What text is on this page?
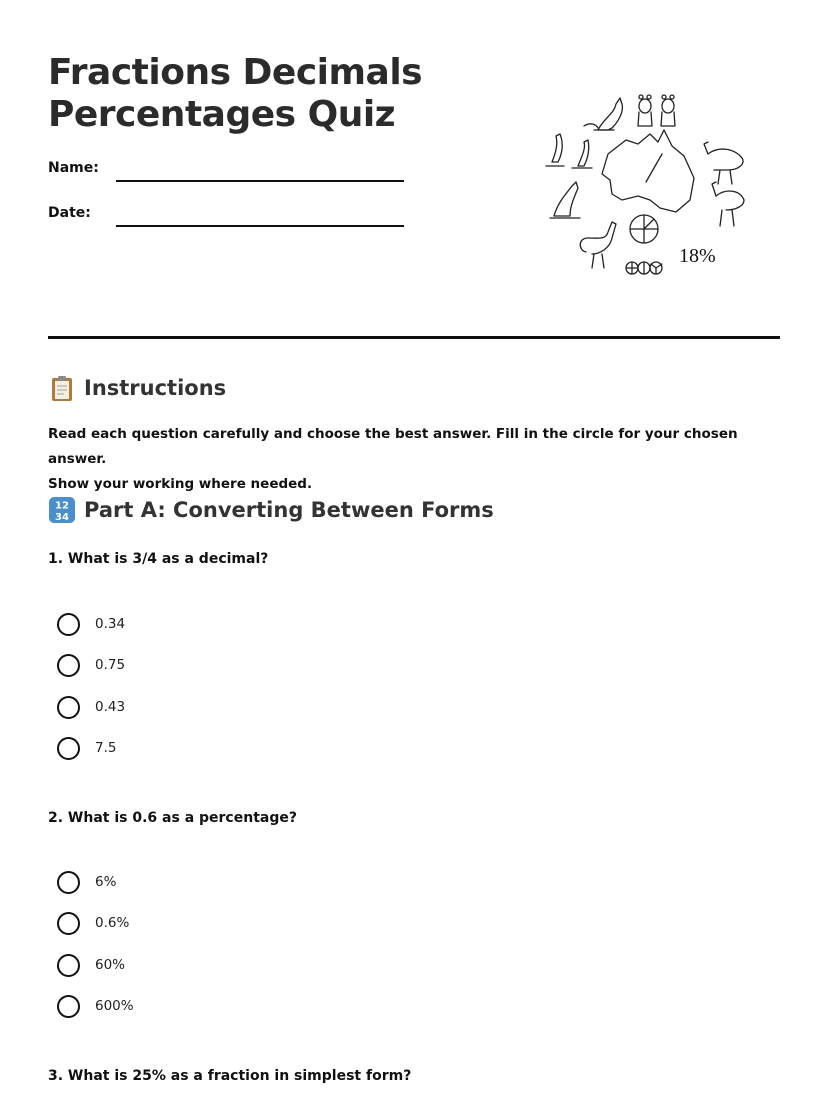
Fractions Decimals
Percentages Quiz
Name:
Date:
18%
Instructions

Read each question carefully and choose the best answer. Fill in the circle for your chosen answer.

Show your working where needed.

12
34 Part A: Converting Between Forms
1. What is 3/4 as a decimal?
0.34
0.75
0.43
7.5
2. What is 0.6 as a percentage?
6%
0.6%
60%
600%
3. What is 25% as a fraction in simplest form?
